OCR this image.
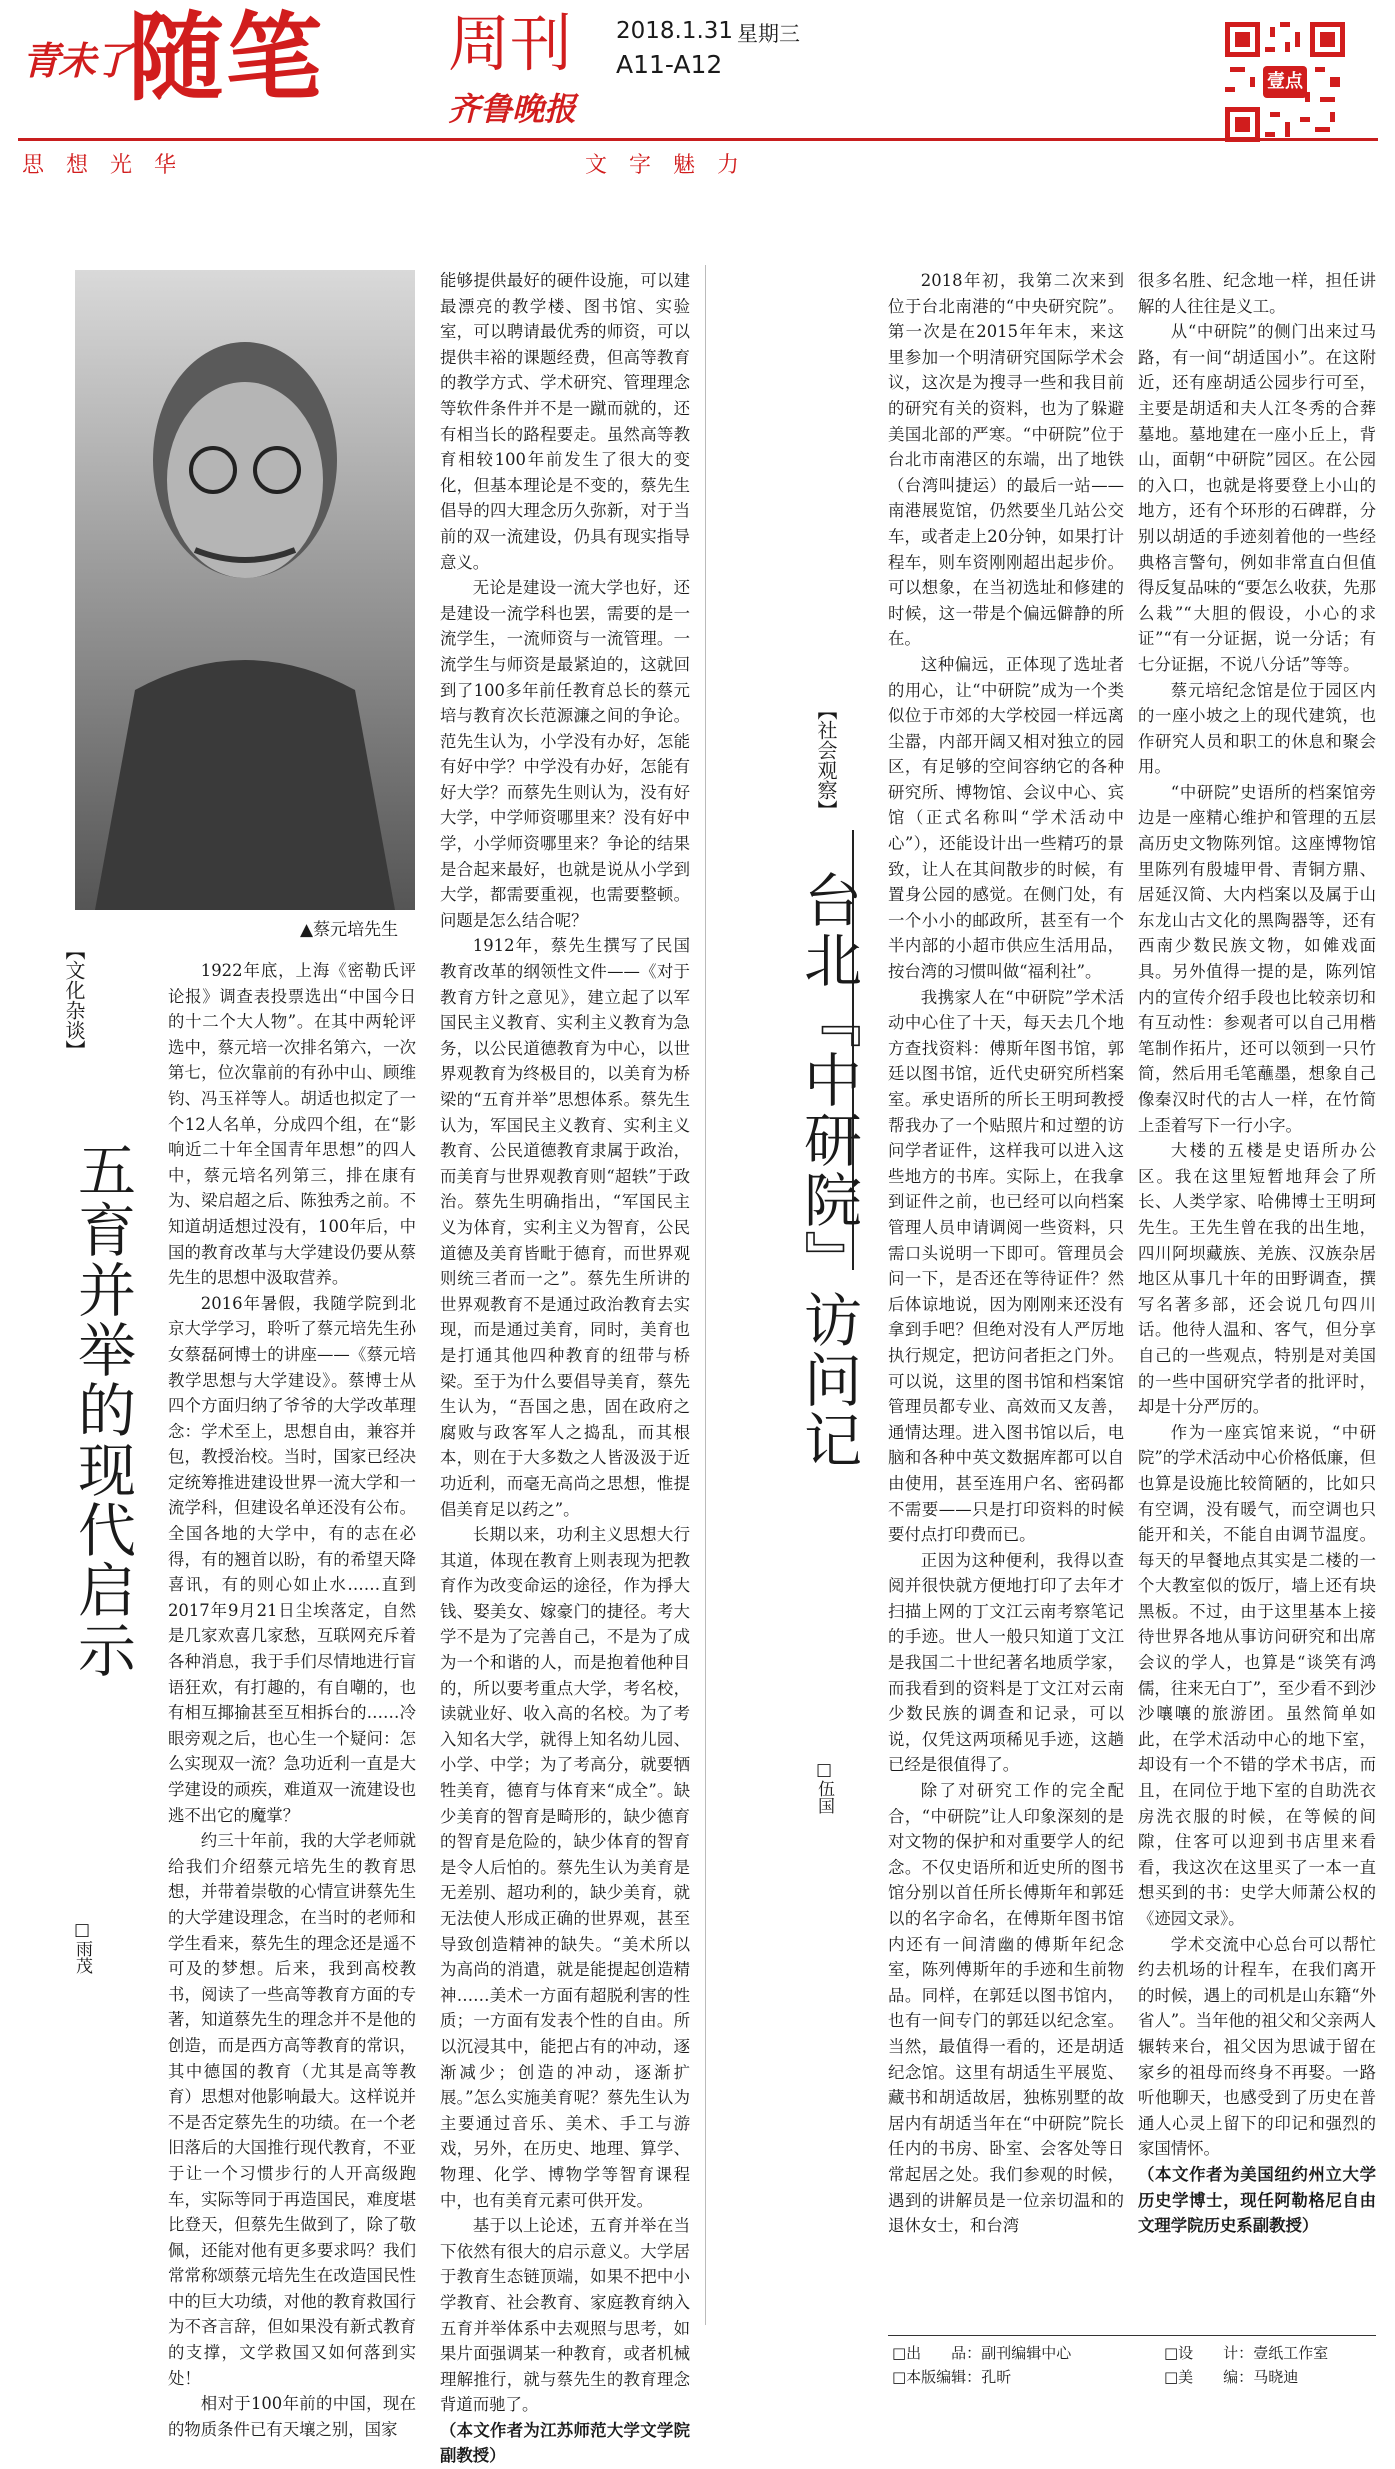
青未了
随笔 周刊
齐鲁晚报
2018.1.31 星期三
A11-A12
壹点
思想光华	文字魅力
▲蔡元培先生
【文化杂谈】
五育并举的现代启示
□雨茂

1922年底，上海《密勒氏评论报》调查表投票选出“中国今日的十二个大人物”。在其中两轮评选中，蔡元培一次排名第六，一次第七，位次靠前的有孙中山、顾维钧、冯玉祥等人。胡适也拟定了一个12人名单，分成四个组，在“影响近二十年全国青年思想”的四人中，蔡元培名列第三，排在康有为、梁启超之后、陈独秀之前。不知道胡适想过没有，100年后，中国的教育改革与大学建设仍要从蔡先生的思想中汲取营养。

2016年暑假，我随学院到北京大学学习，聆听了蔡元培先生孙女蔡磊砢博士的讲座——《蔡元培教学思想与大学建设》。蔡博士从四个方面归纳了爷爷的大学改革理念：学术至上，思想自由，兼容并包，教授治校。当时，国家已经决定统筹推进建设世界一流大学和一流学科，但建设名单还没有公布。全国各地的大学中，有的志在必得，有的翘首以盼，有的希望天降喜讯，有的则心如止水……直到2017年9月21日尘埃落定，自然是几家欢喜几家愁，互联网充斥着各种消息，我于手们尽情地进行盲语狂欢，有打趣的，有自嘲的，也有相互揶揄甚至互相拆台的……冷眼旁观之后，也心生一个疑问：怎么实现双一流？急功近利一直是大学建设的顽疾，难道双一流建设也逃不出它的魔掌？

约三十年前，我的大学老师就给我们介绍蔡元培先生的教育思想，并带着崇敬的心情宣讲蔡先生的大学建设理念，在当时的老师和学生看来，蔡先生的理念还是遥不可及的梦想。后来，我到高校教书，阅读了一些高等教育方面的专著，知道蔡先生的理念并不是他的创造，而是西方高等教育的常识，其中德国的教育（尤其是高等教育）思想对他影响最大。这样说并不是否定蔡先生的功绩。在一个老旧落后的大国推行现代教育，不亚于让一个习惯步行的人开高级跑车，实际等同于再造国民，难度堪比登天，但蔡先生做到了，除了敬佩，还能对他有更多要求吗？我们常常称颂蔡元培先生在改造国民性中的巨大功绩，对他的教育救国行为不吝言辞，但如果没有新式教育的支撑，文学救国又如何落到实处！

相对于100年前的中国，现在的物质条件已有天壤之别，国家

能够提供最好的硬件设施，可以建最漂亮的教学楼、图书馆、实验室，可以聘请最优秀的师资，可以提供丰裕的课题经费，但高等教育的教学方式、学术研究、管理理念等软件条件并不是一蹴而就的，还有相当长的路程要走。虽然高等教育相较100年前发生了很大的变化，但基本理论是不变的，蔡先生倡导的四大理念历久弥新，对于当前的双一流建设，仍具有现实指导意义。

无论是建设一流大学也好，还是建设一流学科也罢，需要的是一流学生，一流师资与一流管理。一流学生与师资是最紧迫的，这就回到了100多年前任教育总长的蔡元培与教育次长范源濂之间的争论。范先生认为，小学没有办好，怎能有好中学？中学没有办好，怎能有好大学？而蔡先生则认为，没有好大学，中学师资哪里来？没有好中学，小学师资哪里来？争论的结果是合起来最好，也就是说从小学到大学，都需要重视，也需要整顿。问题是怎么结合呢？

1912年，蔡先生撰写了民国教育改革的纲领性文件——《对于教育方针之意见》，建立起了以军国民主义教育、实利主义教育为急务，以公民道德教育为中心，以世界观教育为终极目的，以美育为桥梁的“五育并举”思想体系。蔡先生认为，军国民主义教育、实利主义教育、公民道德教育隶属于政治，而美育与世界观教育则“超轶”于政治。蔡先生明确指出，“军国民主义为体育，实利主义为智育，公民道德及美育皆毗于德育，而世界观则统三者而一之”。蔡先生所讲的世界观教育不是通过政治教育去实现，而是通过美育，同时，美育也是打通其他四种教育的纽带与桥梁。至于为什么要倡导美育，蔡先生认为，“吾国之患，固在政府之腐败与政客军人之捣乱，而其根本，则在于大多数之人皆汲汲于近功近利，而毫无高尚之思想，惟提倡美育足以药之”。

长期以来，功利主义思想大行其道，体现在教育上则表现为把教育作为改变命运的途径，作为掙大钱、娶美女、嫁豪门的捷径。考大学不是为了完善自己，不是为了成为一个和谐的人，而是抱着他种目的，所以要考重点大学，考名校，读就业好、收入高的名校。为了考入知名大学，就得上知名幼儿园、小学、中学；为了考高分，就要牺牲美育，德育与体育来“成全”。缺少美育的智育是畸形的，缺少德育的智育是危险的，缺少体育的智育是令人后怕的。蔡先生认为美育是无差别、超功利的，缺少美育，就无法使人形成正确的世界观，甚至导致创造精神的缺失。“美术所以为高尚的消遣，就是能提起创造精神……美术一方面有超脱利害的性质；一方面有发表个性的自由。所以沉浸其中，能把占有的冲动，逐渐减少；创造的冲动，逐渐扩展。”怎么实施美育呢？蔡先生认为主要通过音乐、美术、手工与游戏，另外，在历史、地理、算学、物理、化学、博物学等智育课程中，也有美育元素可供开发。

基于以上论述，五育并举在当下依然有很大的启示意义。大学居于教育生态链顶端，如果不把中小学教育、社会教育、家庭教育纳入五育并举体系中去观照与思考，如果片面强调某一种教育，或者机械理解推行，就与蔡先生的教育理念背道而驰了。

（本文作者为江苏师范大学文学院副教授）

【社会观察】
台北『中研院』访问记
□伍国

2018年初，我第二次来到位于台北南港的“中央研究院”。第一次是在2015年年末，来这里参加一个明清研究国际学术会议，这次是为搜寻一些和我目前的研究有关的资料，也为了躲避美国北部的严寒。“中研院”位于台北市南港区的东端，出了地铁（台湾叫捷运）的最后一站——南港展览馆，仍然要坐几站公交车，或者走上20分钟，如果打计程车，则车资刚刚超出起步价。可以想象，在当初选址和修建的时候，这一带是个偏远僻静的所在。

这种偏远，正体现了选址者的用心，让“中研院”成为一个类似位于市郊的大学校园一样远离尘嚣，内部开阔又相对独立的园区，有足够的空间容纳它的各种研究所、博物馆、会议中心、宾馆（正式名称叫“学术活动中心”），还能设计出一些精巧的景致，让人在其间散步的时候，有置身公园的感觉。在侧门处，有一个小小的邮政所，甚至有一个半内部的小超市供应生活用品，按台湾的习惯叫做“福利社”。

我携家人在“中研院”学术活动中心住了十天，每天去几个地方查找资料：傅斯年图书馆，郭廷以图书馆，近代史研究所档案室。承史语所的所长王明珂教授帮我办了一个贴照片和过塑的访问学者证件，这样我可以进入这些地方的书库。实际上，在我拿到证件之前，也已经可以向档案管理人员申请调阅一些资料，只需口头说明一下即可。管理员会问一下，是否还在等待证件？然后体谅地说，因为刚刚来还没有拿到手吧？但绝对没有人严厉地执行规定，把访问者拒之门外。可以说，这里的图书馆和档案馆管理员都专业、高效而又友善，通情达理。进入图书馆以后，电脑和各种中英文数据库都可以自由使用，甚至连用户名、密码都不需要——只是打印资料的时候要付点打印费而已。

正因为这种便利，我得以查阅并很快就方便地打印了去年才扫描上网的丁文江云南考察笔记的手迹。世人一般只知道丁文江是我国二十世纪著名地质学家，而我看到的资料是丁文江对云南少数民族的调查和记录，可以说，仅凭这两项稀见手迹，这趟已经是很值得了。

除了对研究工作的完全配合，“中研院”让人印象深刻的是对文物的保护和对重要学人的纪念。不仅史语所和近史所的图书馆分别以首任所长傅斯年和郭廷以的名字命名，在傅斯年图书馆内还有一间清幽的傅斯年纪念室，陈列傅斯年的手迹和生前物品。同样，在郭廷以图书馆内，也有一间专门的郭廷以纪念室。当然，最值得一看的，还是胡适纪念馆。这里有胡适生平展览、藏书和胡适故居，独栋别墅的故居内有胡适当年在“中研院”院长任内的书房、卧室、会客处等日常起居之处。我们参观的时候，遇到的讲解员是一位亲切温和的退休女士，和台湾

很多名胜、纪念地一样，担任讲解的人往往是义工。

从“中研院”的侧门出来过马路，有一间“胡适国小”。在这附近，还有座胡适公园步行可至，主要是胡适和夫人江冬秀的合葬墓地。墓地建在一座小丘上，背山，面朝“中研院”园区。在公园的入口，也就是将要登上小山的地方，还有个环形的石碑群，分别以胡适的手迹刻着他的一些经典格言警句，例如非常直白但值得反复品味的“要怎么收获，先那么栽”“大胆的假设，小心的求证”“有一分证据，说一分话；有七分证据，不说八分话”等等。

蔡元培纪念馆是位于园区内的一座小坡之上的现代建筑，也作研究人员和职工的休息和聚会用。

“中研院”史语所的档案馆旁边是一座精心维护和管理的五层高历史文物陈列馆。这座博物馆里陈列有殷墟甲骨、青铜方鼎、居延汉简、大内档案以及属于山东龙山古文化的黑陶器等，还有西南少数民族文物，如傩戏面具。另外值得一提的是，陈列馆内的宣传介绍手段也比较亲切和有互动性：参观者可以自己用楷笔制作拓片，还可以领到一只竹简，然后用毛笔蘸墨，想象自己像秦汉时代的古人一样，在竹简上歪着写下一行小字。

大楼的五楼是史语所办公区。我在这里短暂地拜会了所长、人类学家、哈佛博士王明珂先生。王先生曾在我的出生地，四川阿坝藏族、羌族、汉族杂居地区从事几十年的田野调查，撰写名著多部，还会说几句四川话。他待人温和、客气，但分享自己的一些观点，特别是对美国的一些中国研究学者的批评时，却是十分严厉的。

作为一座宾馆来说，“中研院”的学术活动中心价格低廉，但也算是设施比较简陋的，比如只有空调，没有暖气，而空调也只能开和关，不能自由调节温度。每天的早餐地点其实是二楼的一个大教室似的饭厅，墙上还有块黑板。不过，由于这里基本上接待世界各地从事访问研究和出席会议的学人，也算是“谈笑有鸿儒，往来无白丁”，至少看不到沙沙嚷嚷的旅游团。虽然简单如此，在学术活动中心的地下室，却设有一个不错的学术书店，而且，在同位于地下室的自助洗衣房洗衣服的时候，在等候的间隙，住客可以迎到书店里来看看，我这次在这里买了一本一直想买到的书：史学大师萧公权的《迹园文录》。

学术交流中心总台可以帮忙约去机场的计程车，在我们离开的时候，遇上的司机是山东籍“外省人”。当年他的祖父和父亲两人辗转来台，祖父因为思诚于留在家乡的祖母而终身不再娶。一路听他聊天，也感受到了历史在普通人心灵上留下的印记和强烈的家国情怀。

（本文作者为美国纽约州立大学历史学博士，现任阿勒格尼自由文理学院历史系副教授）

□出　　品：副刊编辑中心	□设　　计：壹纸工作室
□本版编辑：孔昕	□美　　编：马晓迪
